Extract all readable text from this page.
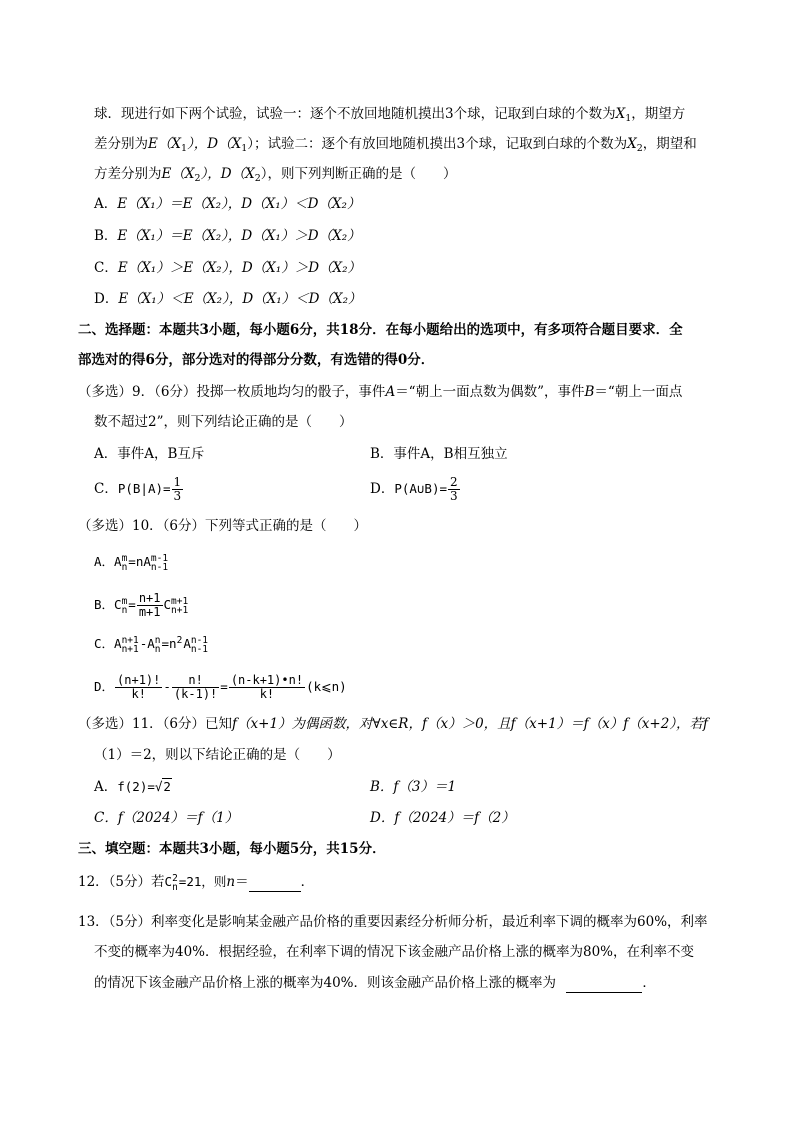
球．现进行如下两个试验，试验一：逐个不放回地随机摸出3个球，记取到白球的个数为$X_1$，期望方
差分别为$E(X_1)$，$D(X_1)$；试验二：逐个有放回地随机摸出3个球，记取到白球的个数为$X_2$，期望和
方差分别为$E(X_2)$，$D(X_2)$，则下列判断正确的是（　　）
A．E（X₁）＝E（X₂），D（X₁）＜D（X₂）
B．E（X₁）＝E（X₂），D（X₁）＞D（X₂）
C．E（X₁）＞E（X₂），D（X₁）＞D（X₂）
D．E（X₁）＜E（X₂），D（X₁）＜D（X₂）
二、选择题：本题共3小题，每小题6分，共18分．在每小题给出的选项中，有多项符合题目要求．全
部选对的得6分，部分选对的得部分分数，有选错的得0分．
（多选）9．（6分）投掷一枚质地均匀的骰子，事件A＝“朝上一面点数为偶数”，事件B＝“朝上一面点
数不超过2”，则下列结论正确的是（　　）
A．事件A，B互斥	B．事件A，B相互独立
C．$P(B|A)= \frac{1}{3}$	D．P(A∪B)= $\frac{2}{3}$
（多选）10．（6分）下列等式正确的是（　　）
A．A m
n =nA m-1
n-1
B．C m
$n = \frac{n+1}{m+1}$ C m+1
n+1
C．A n+1
n+1 -A n
n =n 2
A n-1
n-1
D． $\frac{(n+1)!}{k!} - \frac{n!}{(k-1)!} = \frac{(n-k+1)•n!}{k!}$ (k⩽n)
（多选）11．（6分）已知f（x+1）为偶函数，对∀x∈R，f（x）＞0，且f（x+1）＝f（x）f（x+2），若f
（1）＝2，则以下结论正确的是（　　）
A．f(2)=√2	B．f（3）＝1
C．f（2024）＝f（1）	D．f（2024）＝f（2）
三、填空题：本题共3小题，每小题5分，共15分．
12．（5分）若C 2
n =21，则n＝	．
13．（5分）利率变化是影响某金融产品价格的重要因素经分析师分析，最近利率下调的概率为60%，利率
不变的概率为40%．根据经验，在利率下调的情况下该金融产品价格上涨的概率为80%，在利率不变
的情况下该金融产品价格上涨的概率为40%．则该金融产品价格上涨的概率为	．
